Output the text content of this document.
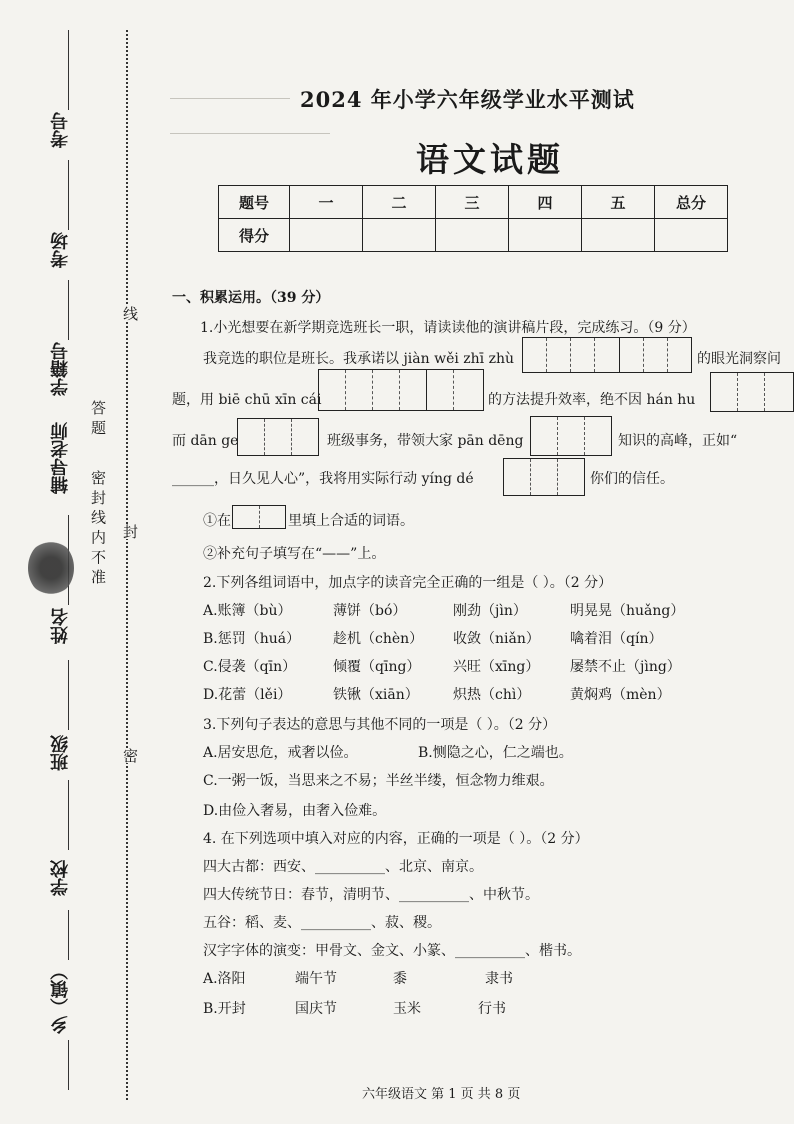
考号
考场
学籍号
辅导老师
姓名
班级
学校
乡（镇）
答 题
密 封 线 内 不 准
线
封
密
2024 年小学六年级学业水平测试
语文试题
题号	一	二	三	四	五	总分
得分						
一、积累运用。（39 分）
1.小光想要在新学期竞选班长一职，请读读他的演讲稿片段，完成练习。（9 分）
我竞选的职位是班长。我承诺以 jiàn wěi zhī zhù	的眼光洞察问
题，用 biē chū xīn cái	的方法提升效率，绝不因 hán hu
而 dān ge	班级事务，带领大家 pān dēng	知识的高峰，正如“
______，日久见人心”，我将用实际行动 yíng dé	你们的信任。
①在	里填上合适的词语。
②补充句子填写在“——”上。
2.下列各组词语中，加点字的读音完全正确的一组是（ ）。（2 分）
A.账簿（bù）	薄饼（bó）	刚劲（jìn）	明晃晃（huǎng）
B.惩罚（huá） 趁机（chèn） 收敛（niǎn） 噙着泪（qín）
C.侵袭（qīn）	倾覆（qīng） 兴旺（xīng） 屡禁不止（jìng）
D.花蕾（lěi）	铁锹（xiān） 炽热（chì）	黄焖鸡（mèn）
3.下列句子表达的意思与其他不同的一项是（ ）。（2 分）
A.居安思危，戒奢以俭。	B.恻隐之心，仁之端也。
C.一粥一饭，当思来之不易；半丝半缕，恒念物力维艰。
D.由俭入奢易，由奢入俭难。
4. 在下列选项中填入对应的内容，正确的一项是（ ）。（2 分）
四大古都：西安、__________、北京、南京。
四大传统节日：春节，清明节、__________、中秋节。
五谷：稻、麦、__________、菽、稷。
汉字字体的演变：甲骨文、金文、小篆、__________、楷书。
A.洛阳	端午节	黍	隶书
B.开封	国庆节	玉米	行书
六年级语文 第 1 页 共 8 页
